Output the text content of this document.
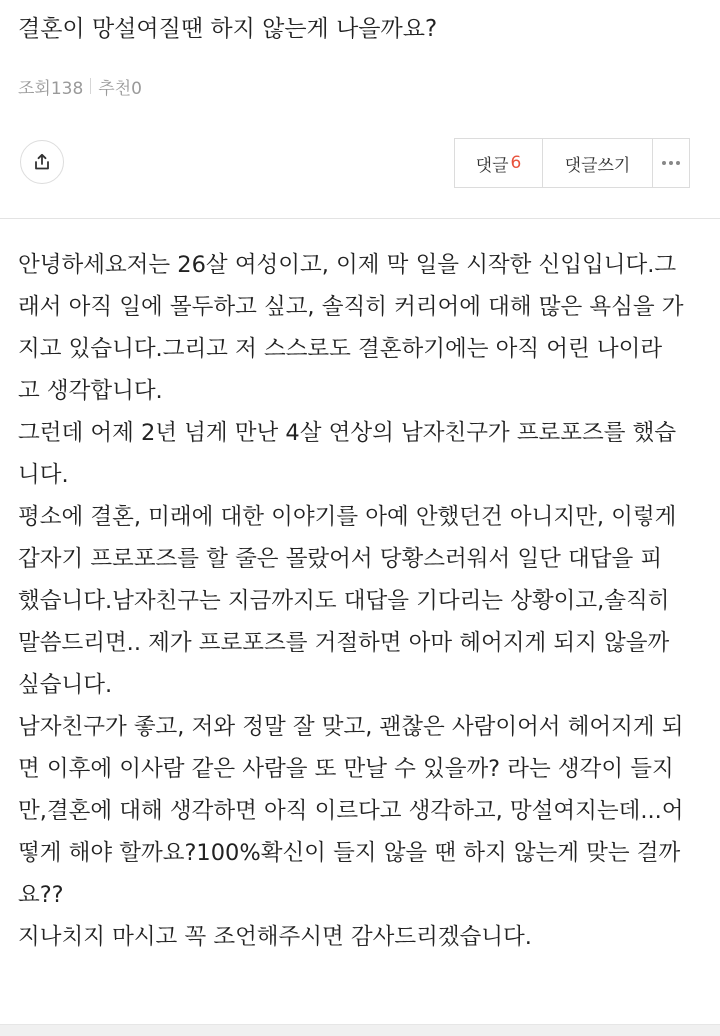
결혼이 망설여질땐 하지 않는게 나을까요?
조회138 추천0
댓글 6	댓글쓰기
안녕하세요저는 26살 여성이고, 이제 막 일을 시작한 신입입니다.그
래서 아직 일에 몰두하고 싶고, 솔직히 커리어에 대해 많은 욕심을 가
지고 있습니다.그리고 저 스스로도 결혼하기에는 아직 어린 나이라
고 생각합니다.
그런데 어제 2년 넘게 만난 4살 연상의 남자친구가 프로포즈를 했습
니다.
평소에 결혼, 미래에 대한 이야기를 아예 안했던건 아니지만, 이렇게
갑자기 프로포즈를 할 줄은 몰랐어서 당황스러워서 일단 대답을 피
했습니다.남자친구는 지금까지도 대답을 기다리는 상황이고,솔직히
말씀드리면.. 제가 프로포즈를 거절하면 아마 헤어지게 되지 않을까
싶습니다.
남자친구가 좋고, 저와 정말 잘 맞고, 괜찮은 사람이어서 헤어지게 되
면 이후에 이사람 같은 사람을 또 만날 수 있을까? 라는 생각이 들지
만,결혼에 대해 생각하면 아직 이르다고 생각하고, 망설여지는데...어
떻게 해야 할까요?100%확신이 들지 않을 땐 하지 않는게 맞는 걸까
요??
지나치지 마시고 꼭 조언해주시면 감사드리겠습니다.
